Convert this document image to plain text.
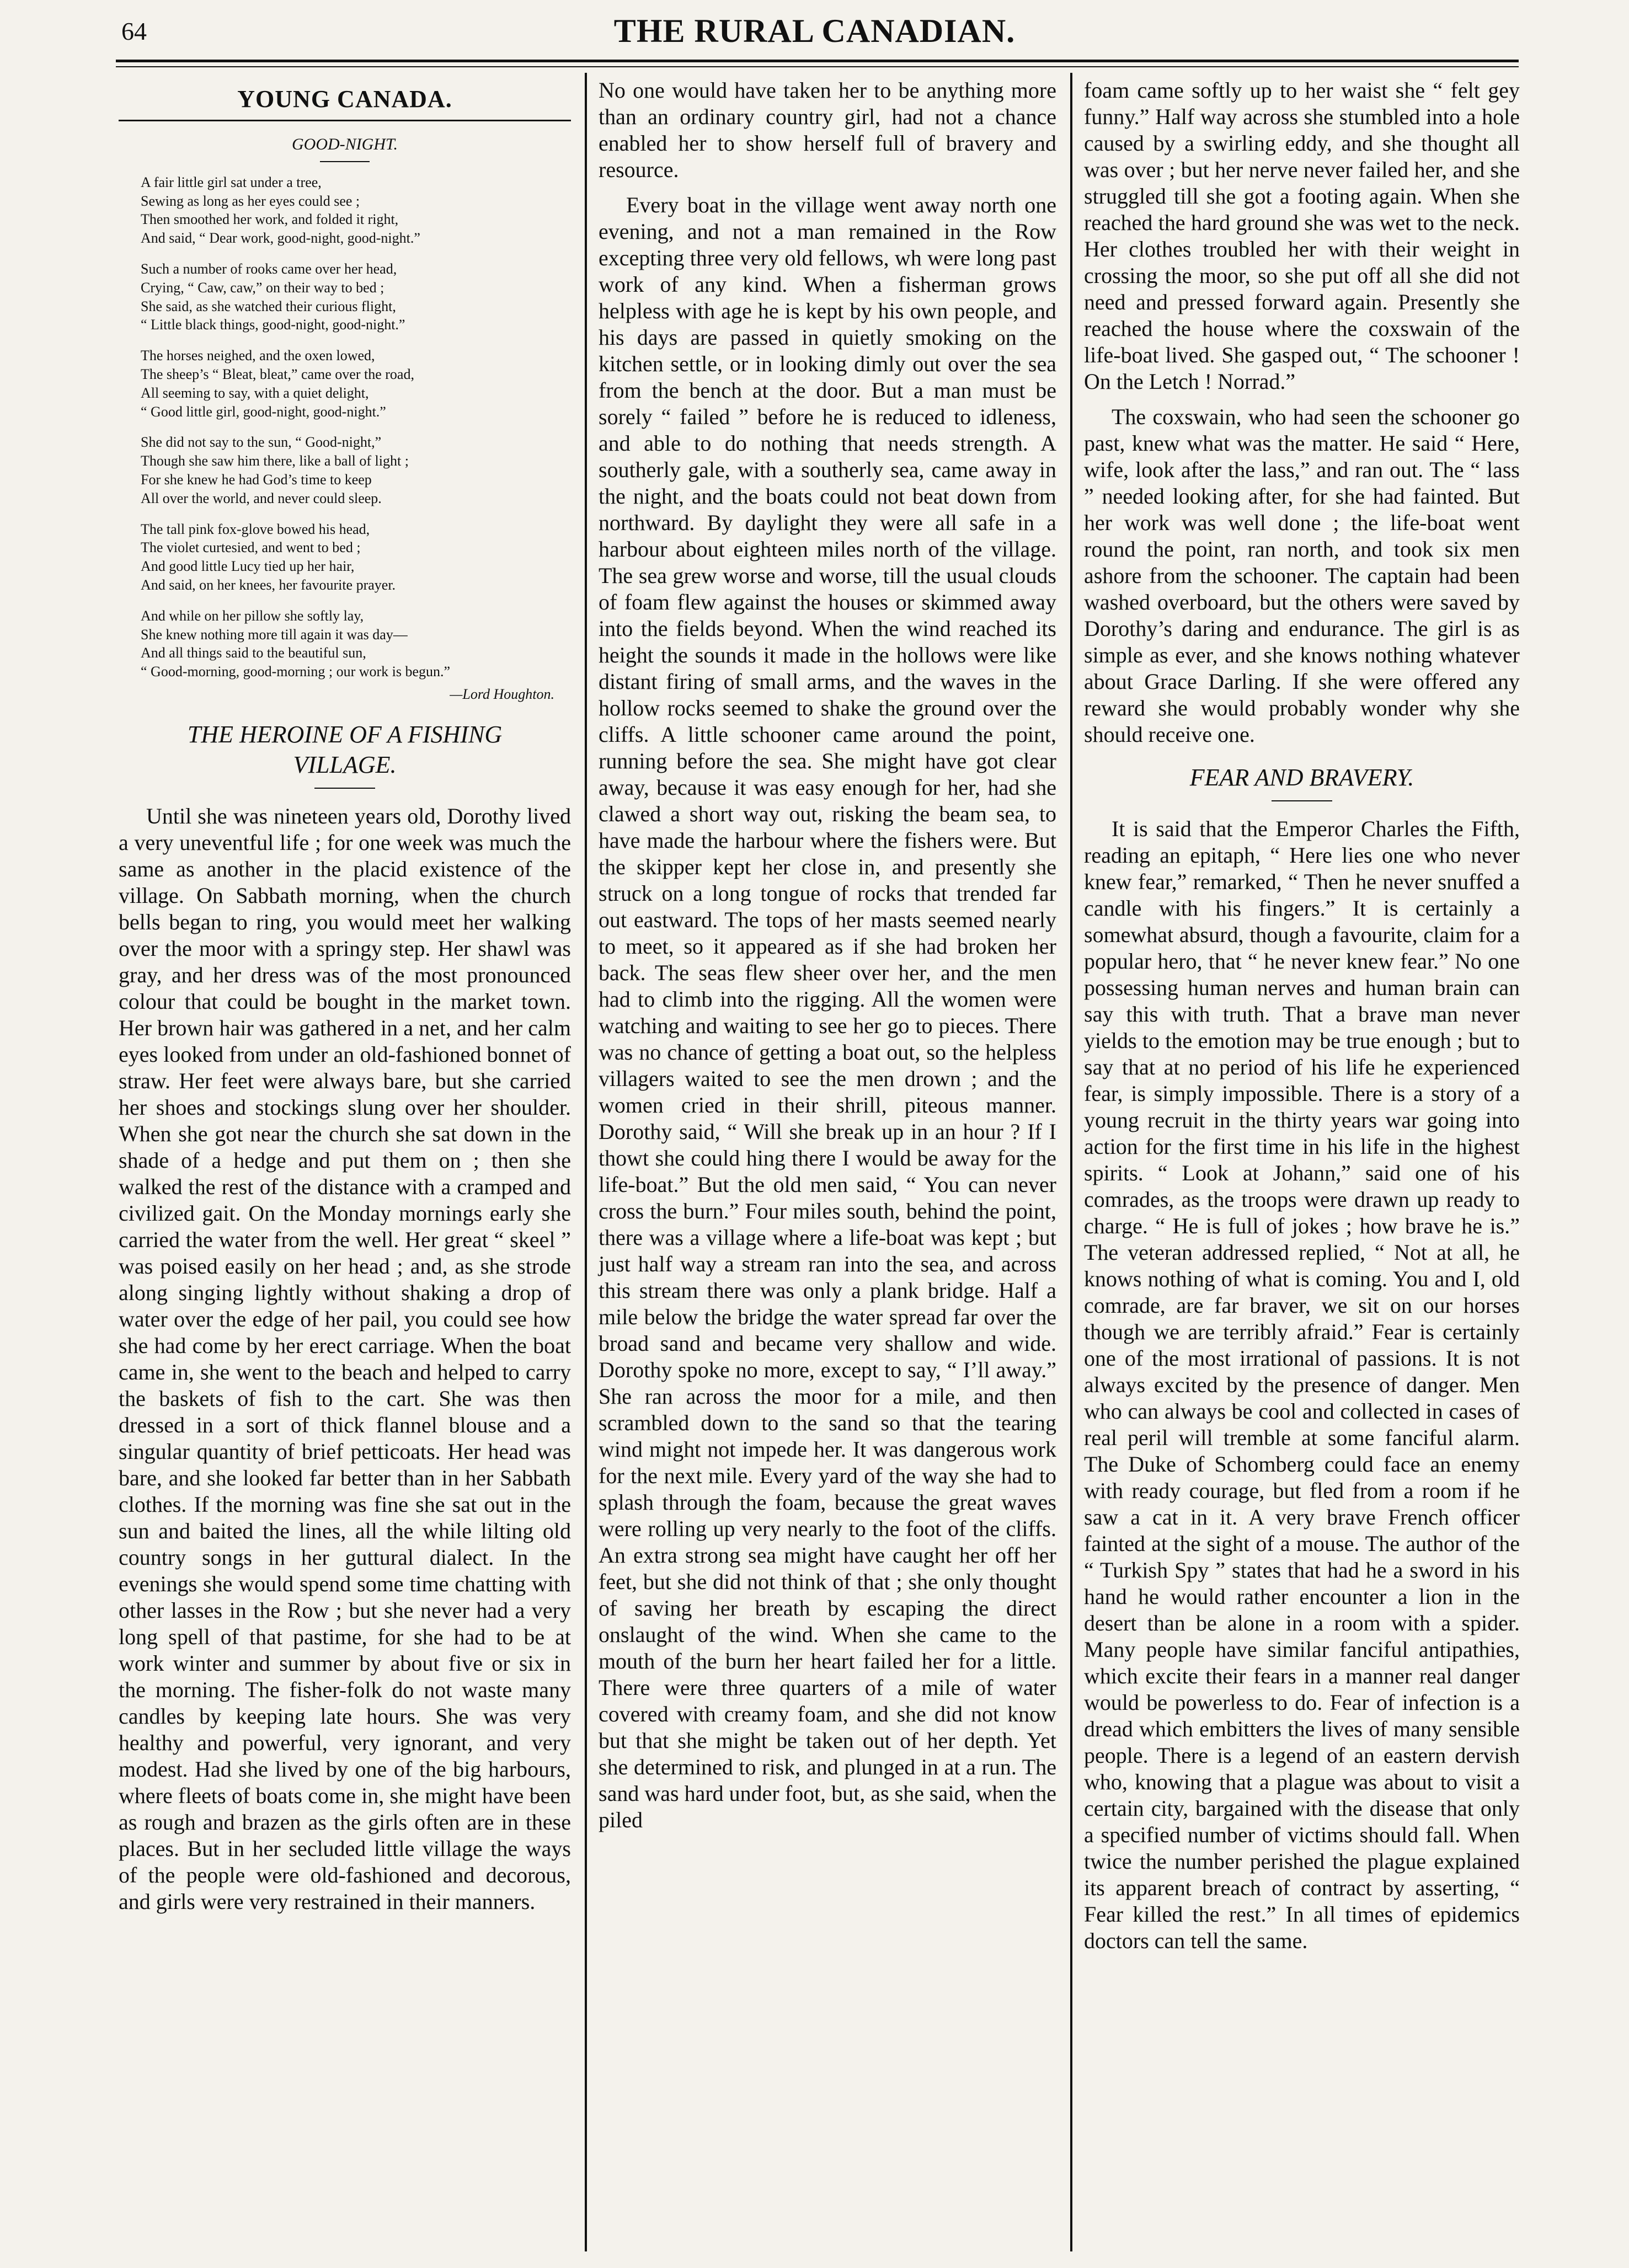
64	THE RURAL CANADIAN.
YOUNG CANADA.
GOOD-NIGHT.
A fair little girl sat under a tree,
Sewing as long as her eyes could see ;
Then smoothed her work, and folded it right,
And said, “ Dear work, good-night, good-night.”
Such a number of rooks came over her head,
Crying, “ Caw, caw,” on their way to bed ;
She said, as she watched their curious flight,
“ Little black things, good-night, good-night.”
The horses neighed, and the oxen lowed,
The sheep’s “ Bleat, bleat,” came over the road,
All seeming to say, with a quiet delight,
“ Good little girl, good-night, good-night.”
She did not say to the sun, “ Good-night,”
Though she saw him there, like a ball of light ;
For she knew he had God’s time to keep
All over the world, and never could sleep.
The tall pink fox-glove bowed his head,
The violet curtesied, and went to bed ;
And good little Lucy tied up her hair,
And said, on her knees, her favourite prayer.
And while on her pillow she softly lay,
She knew nothing more till again it was day—
And all things said to the beautiful sun,
“ Good-morning, good-morning ; our work is begun.”
—Lord Houghton.
THE HEROINE OF A FISHING
VILLAGE.

Until she was nineteen years old, Dorothy lived a very uneventful life ; for one week was much the same as another in the placid existence of the village. On Sabbath morning, when the church bells began to ring, you would meet her walking over the moor with a springy step. Her shawl was gray, and her dress was of the most pronounced colour that could be bought in the market town. Her brown hair was gathered in a net, and her calm eyes looked from under an old-fashioned bonnet of straw. Her feet were always bare, but she carried her shoes and stockings slung over her shoulder. When she got near the church she sat down in the shade of a hedge and put them on ; then she walked the rest of the distance with a cramped and civilized gait. On the Monday mornings early she carried the water from the well. Her great “ skeel ” was poised easily on her head ; and, as she strode along singing lightly without shaking a drop of water over the edge of her pail, you could see how she had come by her erect carriage. When the boat came in, she went to the beach and helped to carry the baskets of fish to the cart. She was then dressed in a sort of thick flannel blouse and a singular quantity of brief petticoats. Her head was bare, and she looked far better than in her Sabbath clothes. If the morning was fine she sat out in the sun and baited the lines, all the while lilting old country songs in her guttural dialect. In the evenings she would spend some time chatting with other lasses in the Row ; but she never had a very long spell of that pastime, for she had to be at work winter and summer by about five or six in the morning. The fisher-folk do not waste many candles by keeping late hours. She was very healthy and powerful, very ignorant, and very modest. Had she lived by one of the big harbours, where fleets of boats come in, she might have been as rough and brazen as the girls often are in these places. But in her secluded little village the ways of the people were old-fashioned and decorous, and girls were very restrained in their manners.

No one would have taken her to be anything more than an ordinary country girl, had not a chance enabled her to show herself full of bravery and resource.

Every boat in the village went away north one evening, and not a man remained in the Row excepting three very old fellows, wh were long past work of any kind. When a fisherman grows helpless with age he is kept by his own people, and his days are passed in quietly smoking on the kitchen settle, or in looking dimly out over the sea from the bench at the door. But a man must be sorely “ failed ” before he is reduced to idleness, and able to do nothing that needs strength. A southerly gale, with a southerly sea, came away in the night, and the boats could not beat down from northward. By daylight they were all safe in a harbour about eighteen miles north of the village. The sea grew worse and worse, till the usual clouds of foam flew against the houses or skimmed away into the fields beyond. When the wind reached its height the sounds it made in the hollows were like distant firing of small arms, and the waves in the hollow rocks seemed to shake the ground over the cliffs. A little schooner came around the point, running before the sea. She might have got clear away, because it was easy enough for her, had she clawed a short way out, risking the beam sea, to have made the harbour where the fishers were. But the skipper kept her close in, and presently she struck on a long tongue of rocks that trended far out eastward. The tops of her masts seemed nearly to meet, so it appeared as if she had broken her back. The seas flew sheer over her, and the men had to climb into the rigging. All the women were watching and waiting to see her go to pieces. There was no chance of getting a boat out, so the helpless villagers waited to see the men drown ; and the women cried in their shrill, piteous manner. Dorothy said, “ Will she break up in an hour ? If I thowt she could hing there I would be away for the life-boat.” But the old men said, “ You can never cross the burn.” Four miles south, behind the point, there was a village where a life-boat was kept ; but just half way a stream ran into the sea, and across this stream there was only a plank bridge. Half a mile below the bridge the water spread far over the broad sand and became very shallow and wide. Dorothy spoke no more, except to say, “ I’ll away.” She ran across the moor for a mile, and then scrambled down to the sand so that the tearing wind might not impede her. It was dangerous work for the next mile. Every yard of the way she had to splash through the foam, because the great waves were rolling up very nearly to the foot of the cliffs. An extra strong sea might have caught her off her feet, but she did not think of that ; she only thought of saving her breath by escaping the direct onslaught of the wind. When she came to the mouth of the burn her heart failed her for a little. There were three quarters of a mile of water covered with creamy foam, and she did not know but that she might be taken out of her depth. Yet she determined to risk, and plunged in at a run. The sand was hard under foot, but, as she said, when the piled

foam came softly up to her waist she “ felt gey funny.” Half way across she stumbled into a hole caused by a swirling eddy, and she thought all was over ; but her nerve never failed her, and she struggled till she got a footing again. When she reached the hard ground she was wet to the neck. Her clothes troubled her with their weight in crossing the moor, so she put off all she did not need and pressed forward again. Presently she reached the house where the coxswain of the life-boat lived. She gasped out, “ The schooner ! On the Letch ! Norrad.”

The coxswain, who had seen the schooner go past, knew what was the matter. He said “ Here, wife, look after the lass,” and ran out. The “ lass ” needed looking after, for she had fainted. But her work was well done ; the life-boat went round the point, ran north, and took six men ashore from the schooner. The captain had been washed overboard, but the others were saved by Dorothy’s daring and endurance. The girl is as simple as ever, and she knows nothing whatever about Grace Darling. If she were offered any reward she would probably wonder why she should receive one.

FEAR AND BRAVERY.

It is said that the Emperor Charles the Fifth, reading an epitaph, “ Here lies one who never knew fear,” remarked, “ Then he never snuffed a candle with his fingers.” It is certainly a somewhat absurd, though a favourite, claim for a popular hero, that “ he never knew fear.” No one possessing human nerves and human brain can say this with truth. That a brave man never yields to the emotion may be true enough ; but to say that at no period of his life he experienced fear, is simply impossible. There is a story of a young recruit in the thirty years war going into action for the first time in his life in the highest spirits. “ Look at Johann,” said one of his comrades, as the troops were drawn up ready to charge. “ He is full of jokes ; how brave he is.” The veteran addressed replied, “ Not at all, he knows nothing of what is coming. You and I, old comrade, are far braver, we sit on our horses though we are terribly afraid.” Fear is certainly one of the most irrational of passions. It is not always excited by the presence of danger. Men who can always be cool and collected in cases of real peril will tremble at some fanciful alarm. The Duke of Schomberg could face an enemy with ready courage, but fled from a room if he saw a cat in it. A very brave French officer fainted at the sight of a mouse. The author of the “ Turkish Spy ” states that had he a sword in his hand he would rather encounter a lion in the desert than be alone in a room with a spider. Many people have similar fanciful antipathies, which excite their fears in a manner real danger would be powerless to do. Fear of infection is a dread which embitters the lives of many sensible people. There is a legend of an eastern dervish who, knowing that a plague was about to visit a certain city, bargained with the disease that only a specified number of victims should fall. When twice the number perished the plague explained its apparent breach of contract by asserting, “ Fear killed the rest.” In all times of epidemics doctors can tell the same.
